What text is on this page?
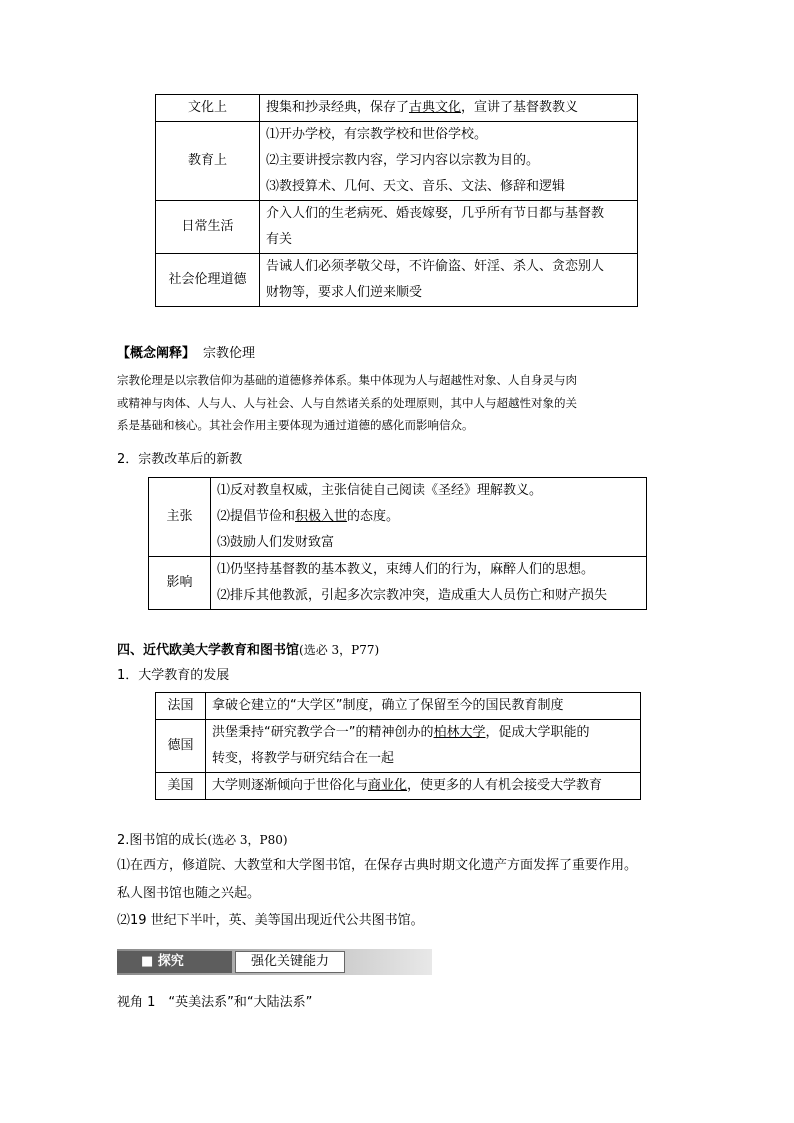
文化上	搜集和抄录经典，保存了古典文化，宣讲了基督教教义

教育上	⑴开办学校，有宗教学校和世俗学校。
⑵主要讲授宗教内容，学习内容以宗教为目的。
⑶教授算术、几何、天文、音乐、文法、修辞和逻辑

日常生活	介入人们的生老病死、婚丧嫁娶，几乎所有节日都与基督教
有关

社会伦理道德	告诫人们必须孝敬父母，不许偷盗、奸淫、杀人、贪恋别人
财物等，要求人们逆来顺受

【概念阐释】 宗教伦理

宗教伦理是以宗教信仰为基础的道德修养体系。集中体现为人与超越性对象、人自身灵与肉
或精神与肉体、人与人、人与社会、人与自然诸关系的处理原则，其中人与超越性对象的关
系是基础和核心。其社会作用主要体现为通过道德的感化而影响信众。

2．宗教改革后的新教

主张	⑴反对教皇权威，主张信徒自己阅读《圣经》理解教义。
⑵提倡节俭和积极入世的态度。
⑶鼓励人们发财致富

影响	⑴仍坚持基督教的基本教义，束缚人们的行为，麻醉人们的思想。
⑵排斥其他教派，引起多次宗教冲突，造成重大人员伤亡和财产损失

四、近代欧美大学教育和图书馆(选必 3，P77)

1．大学教育的发展

法国	拿破仑建立的“大学区”制度，确立了保留至今的国民教育制度

德国	洪堡秉持“研究教学合一”的精神创办的柏林大学，促成大学职能的
转变，将教学与研究结合在一起

美国	大学则逐渐倾向于世俗化与商业化，使更多的人有机会接受大学教育

2.图书馆的成长(选必 3，P80)

⑴在西方，修道院、大教堂和大学图书馆，在保存古典时期文化遗产方面发挥了重要作用。

私人图书馆也随之兴起。

⑵19 世纪下半叶，英、美等国出现近代公共图书馆。

■ 探究	强化关键能力

视角 1　“英美法系”和“大陆法系”
